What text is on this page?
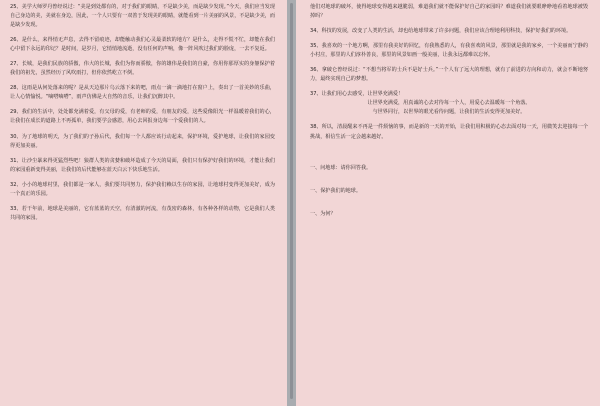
25、美学大师罗丹曾经说过：“美是到处都有的，对于我们的眼睛，不是缺少美，而是缺少发现。”今天，我们应当发现自己身边的美，美就在身边，因此，一个人只要有一双善于发现美的眼睛，就能看到一片美丽的风景，不是缺少美，而是缺少发现。

26、是什么，来得悄无声息，去得不留痕迹，却能触动我们心灵最柔软的地方？是什么，走得不慌不忙，却能在我们心中留下永远的印记？是时间，是岁月，它悄悄地流逝，没有任何的声响，像一阵风吹过我们的脸庞，一去不复返。

27、长城，是我们民族的骄傲，伟大的长城，我们为你而骄傲，你的雄伟是我们的自豪，你用你那厚实的身躯保护着我们的祖先，虽然经历了风吹雨打，但你依然屹立不倒。

28、这雨是从何处落来的呢？是从天边那片乌云落下来的吧，雨点一滴一滴地打在窗户上，奏出了一首美妙的乐曲，让人心情愉悦。“嘀嗒嘀嗒”，雨声仿佛是大自然的音乐，让我们沉醉其中。

29、我们的生活中，处处都充满着爱，有父母的爱，有老师的爱，有朋友的爱，这些爱像阳光一样温暖着我们的心，让我们在成长的道路上不再孤单，我们要学会感恩，用心去回报身边每一个爱我们的人。

30、为了地球的明天，为了我们的子孙后代，我们每一个人都应该行动起来，保护环境，爱护地球，让我们的家园变得更加美丽。

31、让沙尘暴来得更猛烈些吧！狼群人类的贪婪和破坏造成了今天的局面，我们只有保护好我们的环境，才能让我们的家园重新变得美丽，让我们的后代能够在蓝天白云下快乐地生活。

32、小小的地球村里，我们都是一家人，我们要共同努力，保护我们赖以生存的家园，让地球村变得更加美好，成为一个真正的乐园。

33、若干年前，地球是美丽的，它有蓝蓝的天空，有清澈的河流，有茂密的森林，有各种各样的动物，它是我们人类共同的家园。

他们对地球的破坏，使得地球变得越来越脆弱，难道我们就不能保护好自己的家园吗？难道我们就要眼睁睁地看着地球被毁掉吗？

34、科技的发展，改变了人类的生活，却也给地球带来了许多问题，我们应该合理地利用科技，保护好我们的环境。

35、我喜欢的一个地方啊，那里有我美好的回忆，有我熟悉的人，有我喜欢的风景，那里就是我的家乡，一个美丽而宁静的小村庄，那里的人们淳朴善良，那里的风景如画一般美丽，让我永远都难以忘怀。

36、拿破仑曾经说过：“不想当将军的士兵不是好士兵。”一个人有了远大的理想，就有了前进的方向和动力，就会不断地努力，最终实现自己的梦想。

37、让我们用心去感受，让世界充满爱！

让世界充满爱，用真诚的心去对待每一个人，用爱心去温暖每一个角落。

与世界同行，以世界的眼光看待问题，让我们的生活变得更加美好。

38、所以，清晨醒来不再是一件烦恼的事，而是新的一天的开始，让我们用积极的心态去面对每一天，用微笑去迎接每一个挑战，相信生活一定会越来越好。

一、问地球：请你回答我。

一、保护我们的地球。

一、为何？
